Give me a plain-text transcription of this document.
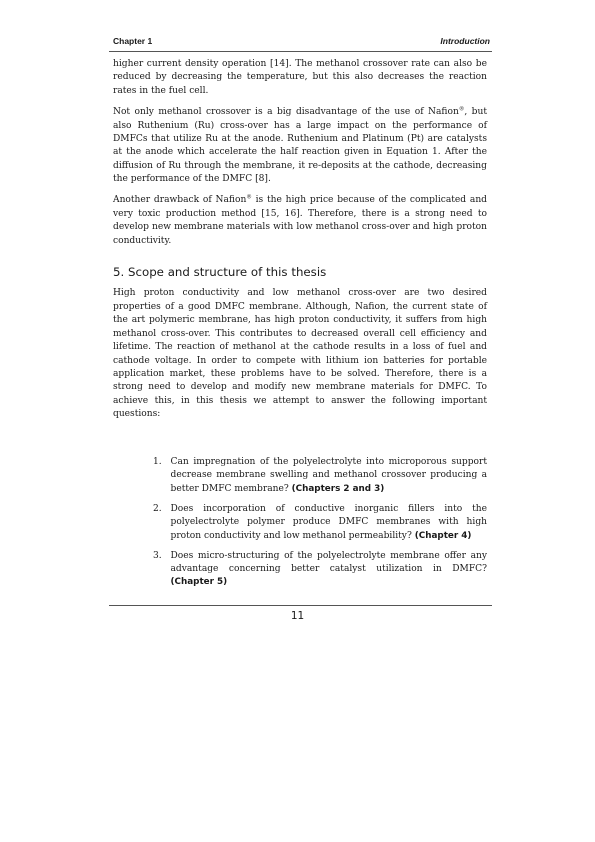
Chapter 1	Introduction

higher current density operation [14]. The methanol crossover rate can also be reduced by decreasing the temperature, but this also decreases the reaction rates in the fuel cell.

Not only methanol crossover is a big disadvantage of the use of Nafion®, but also Ruthenium (Ru) cross-over has a large impact on the performance of DMFCs that utilize Ru at the anode. Ruthenium and Platinum (Pt) are catalysts at the anode which accelerate the half reaction given in Equation 1. After the diffusion of Ru through the membrane, it re-deposits at the cathode, decreasing the performance of the DMFC [8].

Another drawback of Nafion® is the high price because of the complicated and very toxic production method [15, 16]. Therefore, there is a strong need to develop new membrane materials with low methanol cross-over and high proton conductivity.

5. Scope and structure of this thesis

High proton conductivity and low methanol cross-over are two desired properties of a good DMFC membrane. Although, Nafion, the current state of the art polymeric membrane, has high proton conductivity, it suffers from high methanol cross-over. This contributes to decreased overall cell efficiency and lifetime. The reaction of methanol at the cathode results in a loss of fuel and cathode voltage. In order to compete with lithium ion batteries for portable application market, these problems have to be solved. Therefore, there is a strong need to develop and modify new membrane materials for DMFC. To achieve this, in this thesis we attempt to answer the following important questions:

1. Can impregnation of the polyelectrolyte into microporous support decrease membrane swelling and methanol crossover producing a better DMFC membrane? (Chapters 2 and 3)
2. Does incorporation of conductive inorganic fillers into the polyelectrolyte polymer produce DMFC membranes with high proton conductivity and low methanol permeability? (Chapter 4)
3. Does micro-structuring of the polyelectrolyte membrane offer any advantage concerning better catalyst utilization in DMFC? (Chapter 5)
11
